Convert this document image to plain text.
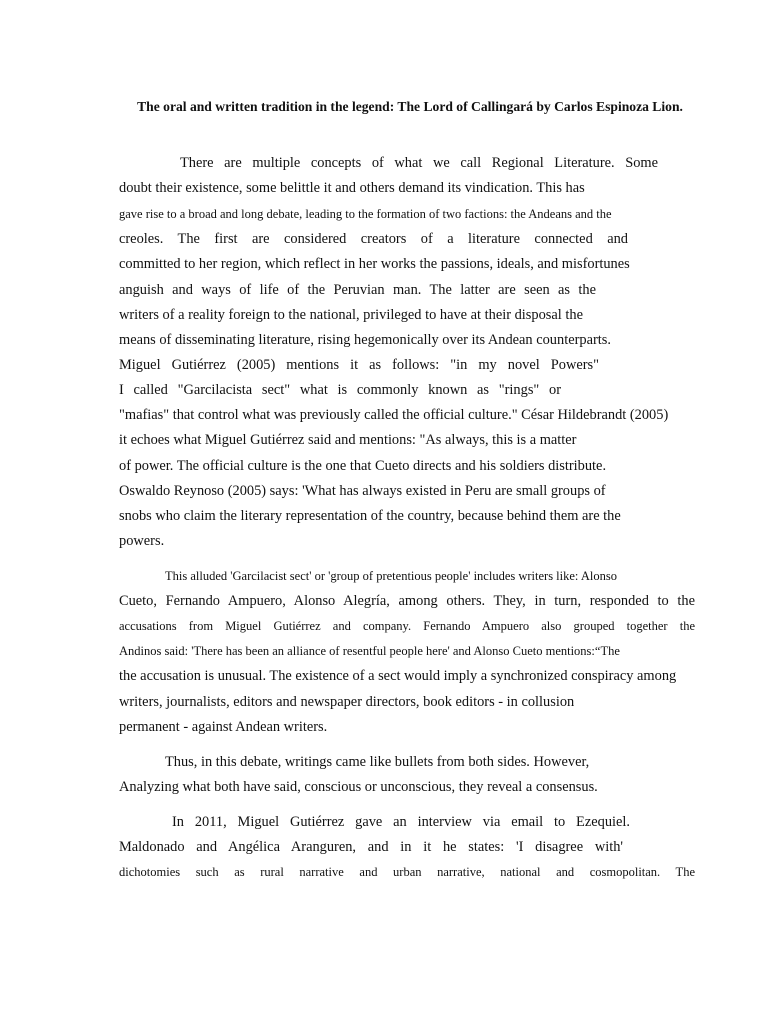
The oral and written tradition in the legend: The Lord of Callingará by Carlos Espinoza Lion.
There are multiple concepts of what we call Regional Literature. Some
doubt their existence, some belittle it and others demand its vindication. This has
gave rise to a broad and long debate, leading to the formation of two factions: the Andeans and the
creoles. The first are considered creators of a literature connected and
committed to her region, which reflect in her works the passions, ideals, and misfortunes
anguish and ways of life of the Peruvian man. The latter are seen as the
writers of a reality foreign to the national, privileged to have at their disposal the
means of disseminating literature, rising hegemonically over its Andean counterparts.
Miguel Gutiérrez (2005) mentions it as follows: "in my novel Powers"
I called "Garcilacista sect" what is commonly known as "rings" or
"mafias" that control what was previously called the official culture." César Hildebrandt (2005)
it echoes what Miguel Gutiérrez said and mentions: "As always, this is a matter
of power. The official culture is the one that Cueto directs and his soldiers distribute.
Oswaldo Reynoso (2005) says: 'What has always existed in Peru are small groups of
snobs who claim the literary representation of the country, because behind them are the
powers.
This alluded 'Garcilacist sect' or 'group of pretentious people' includes writers like: Alonso
Cueto, Fernando Ampuero, Alonso Alegría, among others. They, in turn, responded to the
accusations from Miguel Gutiérrez and company. Fernando Ampuero also grouped together the
Andinos said: 'There has been an alliance of resentful people here' and Alonso Cueto mentions:“The
the accusation is unusual. The existence of a sect would imply a synchronized conspiracy among
writers, journalists, editors and newspaper directors, book editors - in collusion
permanent - against Andean writers.
Thus, in this debate, writings came like bullets from both sides. However,
Analyzing what both have said, conscious or unconscious, they reveal a consensus.
In 2011, Miguel Gutiérrez gave an interview via email to Ezequiel.
Maldonado and Angélica Aranguren, and in it he states: 'I disagree with'
dichotomies such as rural narrative and urban narrative, national and cosmopolitan. The
